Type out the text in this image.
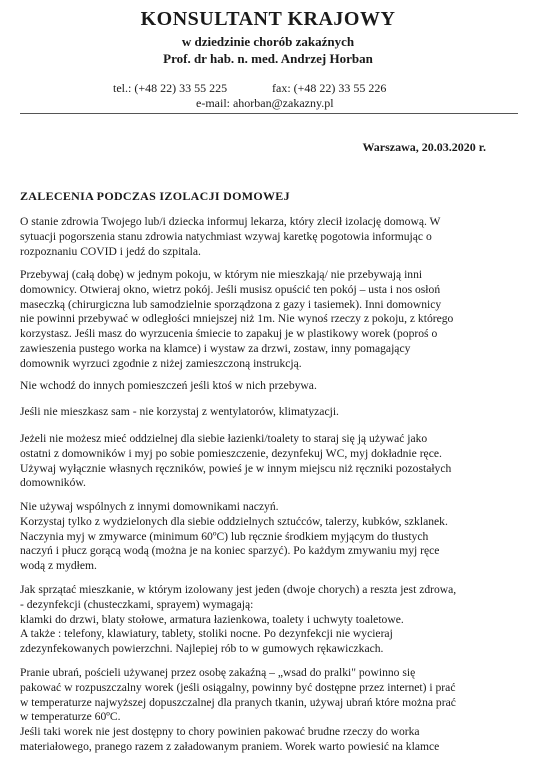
KONSULTANT KRAJOWY
w dziedzinie chorób zakaźnych
Prof. dr hab. n. med. Andrzej Horban
tel.: (+48 22) 33 55 225	fax: (+48 22) 33 55 226
e-mail: ahorban@zakazny.pl
Warszawa, 20.03.2020 r.
ZALECENIA PODCZAS IZOLACJI DOMOWEJ
O stanie zdrowia Twojego lub/i dziecka informuj lekarza, który zlecił izolację domową. W
sytuacji pogorszenia stanu zdrowia natychmiast wzywaj karetkę pogotowia informując o
rozpoznaniu COVID i jedź do szpitala.
Przebywaj (całą dobę) w jednym pokoju, w którym nie mieszkają/ nie przebywają inni
domownicy. Otwieraj okno, wietrz pokój. Jeśli musisz opuścić ten pokój – usta i nos osłoń
maseczką (chirurgiczna lub samodzielnie sporządzona z gazy i tasiemek). Inni domownicy
nie powinni przebywać w odległości mniejszej niż 1m. Nie wynoś rzeczy z pokoju, z którego
korzystasz. Jeśli masz do wyrzucenia śmiecie to zapakuj je w plastikowy worek (poproś o
zawieszenia pustego worka na klamce) i wystaw za drzwi, zostaw, inny pomagający
domownik wyrzuci zgodnie z niżej zamieszczoną instrukcją.
Nie wchodź do innych pomieszczeń jeśli ktoś w nich przebywa.
Jeśli nie mieszkasz sam - nie korzystaj z wentylatorów, klimatyzacji.
Jeżeli nie możesz mieć oddzielnej dla siebie łazienki/toalety to staraj się ją używać jako
ostatni z domowników i myj po sobie pomieszczenie, dezynfekuj WC, myj dokładnie ręce.
Używaj wyłącznie własnych ręczników, powieś je w innym miejscu niż ręczniki pozostałych
domowników.
Nie używaj wspólnych z innymi domownikami naczyń.
Korzystaj tylko z wydzielonych dla siebie oddzielnych sztućców, talerzy, kubków, szklanek.
Naczynia myj w zmywarce (minimum 60ºC) lub ręcznie środkiem myjącym do tłustych
naczyń i płucz gorącą wodą (można je na koniec sparzyć). Po każdym zmywaniu myj ręce
wodą z mydłem.
Jak sprzątać mieszkanie, w którym izolowany jest jeden (dwoje chorych) a reszta jest zdrowa,
- dezynfekcji (chusteczkami, sprayem) wymagają:
klamki do drzwi, blaty stołowe, armatura łazienkowa, toalety i uchwyty toaletowe.
A także : telefony, klawiatury, tablety, stoliki nocne. Po dezynfekcji nie wycieraj
zdezynfekowanych powierzchni. Najlepiej rób to w gumowych rękawiczkach.
Pranie ubrań, pościeli używanej przez osobę zakaźną – „wsad do pralki" powinno się
pakować w rozpuszczalny worek (jeśli osiągalny, powinny być dostępne przez internet) i prać
w temperaturze najwyższej dopuszczalnej dla pranych tkanin, używaj ubrań które można prać
w temperaturze 60ºC.
Jeśli taki worek nie jest dostępny to chory powinien pakować brudne rzeczy do worka
materiałowego, pranego razem z załadowanym praniem. Worek warto powiesić na klamce
